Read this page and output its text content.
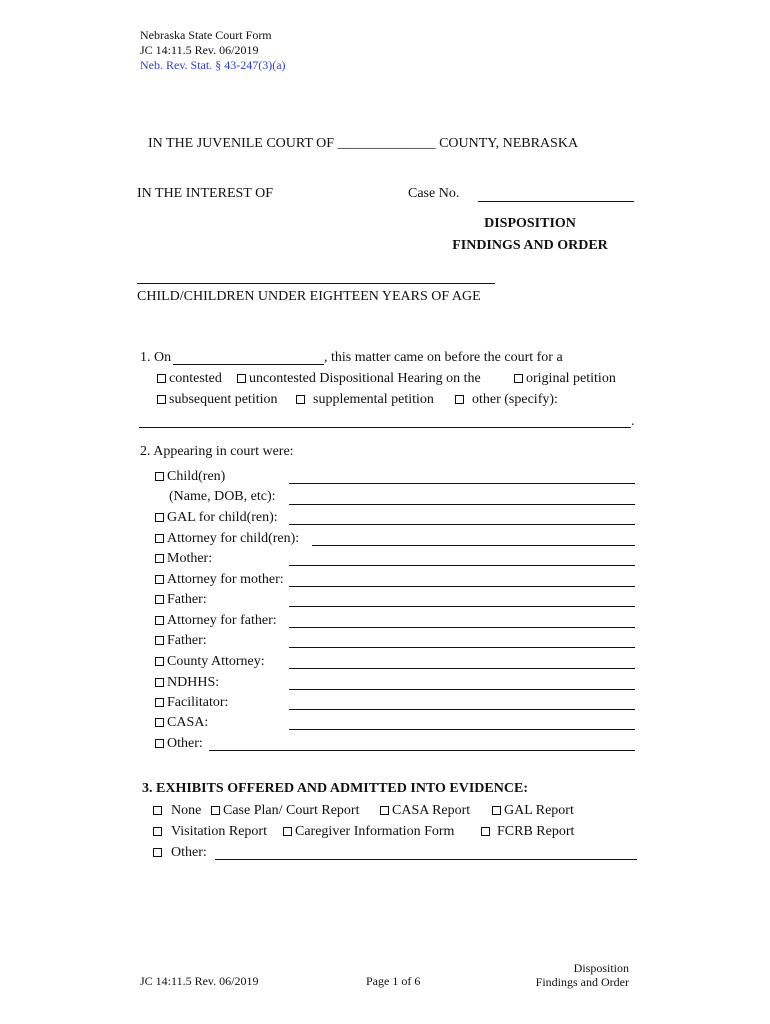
Nebraska State Court Form
JC 14:11.5 Rev. 06/2019
Neb. Rev. Stat. § 43-247(3)(a)
IN THE JUVENILE COURT OF ______________ COUNTY, NEBRASKA
IN THE INTEREST OF	Case No.
DISPOSITION
FINDINGS AND ORDER
CHILD/CHILDREN UNDER EIGHTEEN YEARS OF AGE
1. On	, this matter came on before the court for a
contested	uncontested Dispositional Hearing on the	original petition
subsequent petition	supplemental petition	other (specify):
.
2. Appearing in court were:
Child(ren)
(Name, DOB, etc):
GAL for child(ren):
Attorney for child(ren):
Mother:
Attorney for mother:
Father:
Attorney for father:
Father:
County Attorney:
NDHHS:
Facilitator:
CASA:
Other:
3. EXHIBITS OFFERED AND ADMITTED INTO EVIDENCE:
None	Case Plan/ Court Report	CASA Report	GAL Report
Visitation Report	Caregiver Information Form	FCRB Report
Other:
JC 14:11.5 Rev. 06/2019	Page 1 of 6
Disposition
Findings and Order
